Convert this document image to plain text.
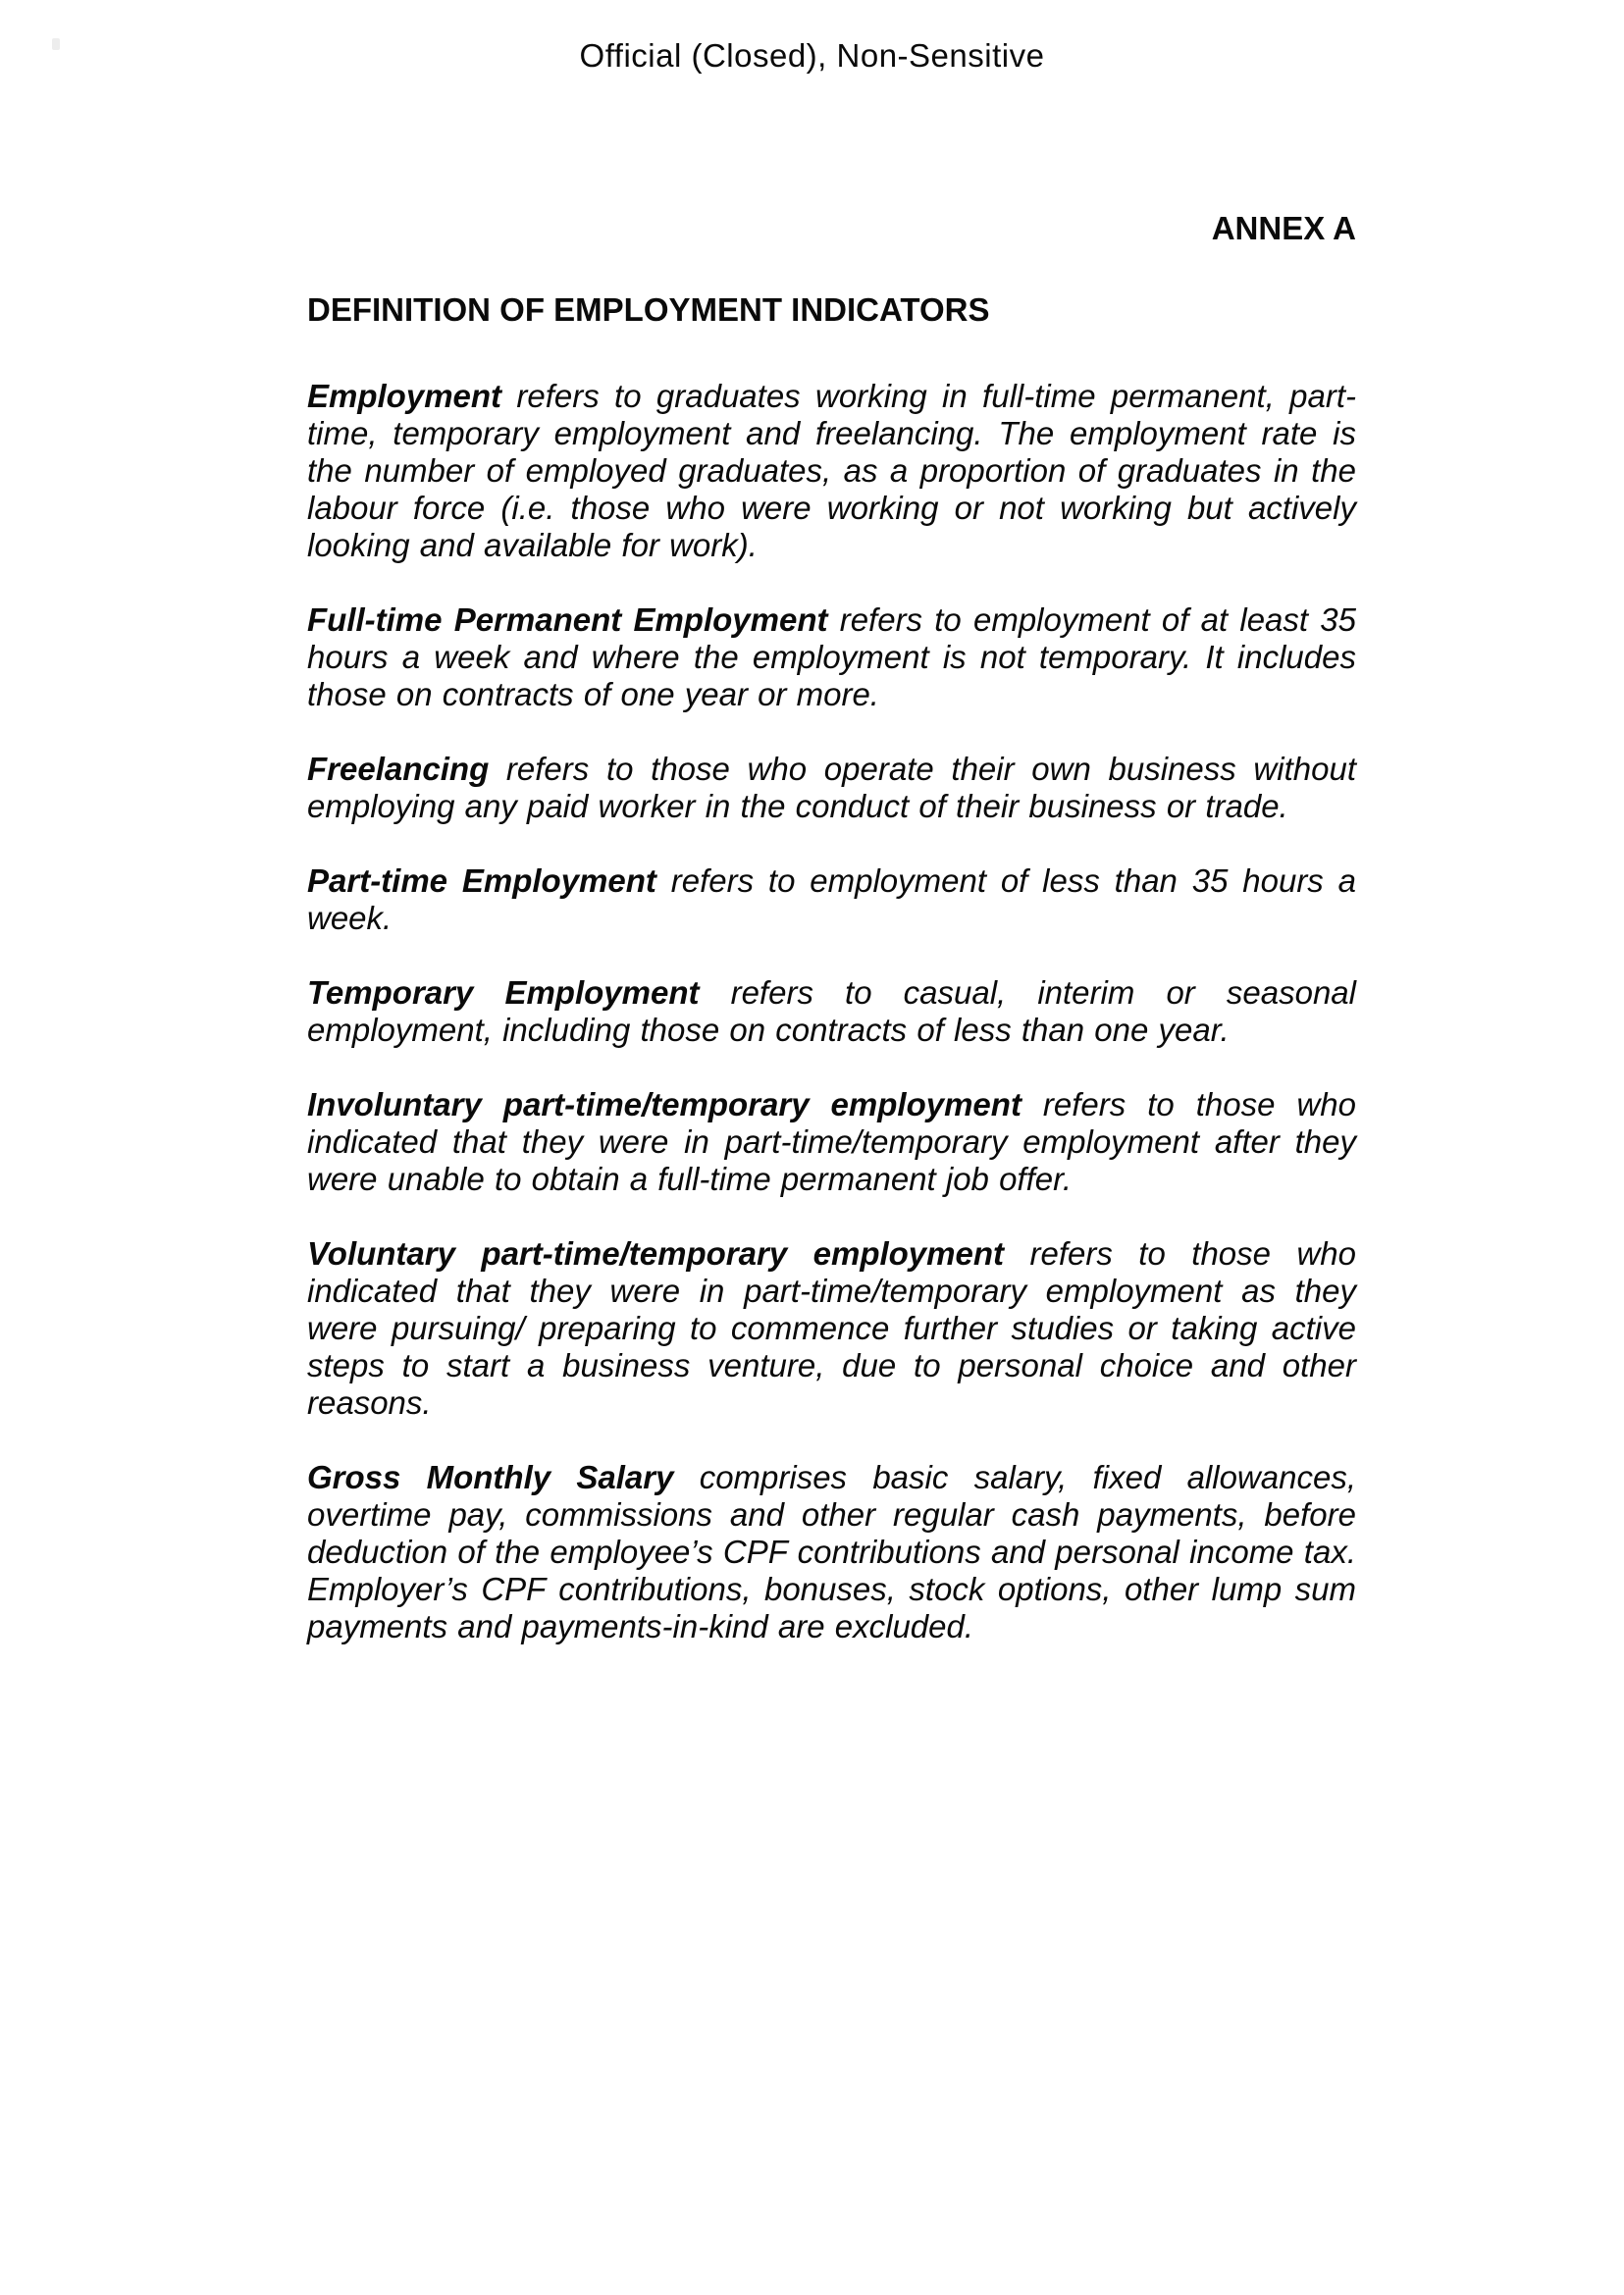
Official (Closed), Non-Sensitive
ANNEX A
DEFINITION OF EMPLOYMENT INDICATORS

Employment refers to graduates working in full-time permanent, part-time, temporary employment and freelancing. The employment rate is the number of employed graduates, as a proportion of graduates in the labour force (i.e. those who were working or not working but actively looking and available for work).

Full-time Permanent Employment refers to employment of at least 35 hours a week and where the employment is not temporary. It includes those on contracts of one year or more.

Freelancing refers to those who operate their own business without employing any paid worker in the conduct of their business or trade.

Part-time Employment refers to employment of less than 35 hours a week.

Temporary Employment refers to casual, interim or seasonal employment, including those on contracts of less than one year.

Involuntary part-time/temporary employment refers to those who indicated that they were in part-time/temporary employment after they were unable to obtain a full-time permanent job offer.

Voluntary part-time/temporary employment refers to those who indicated that they were in part-time/temporary employment as they were pursuing/ preparing to commence further studies or taking active steps to start a business venture, due to personal choice and other reasons.

Gross Monthly Salary comprises basic salary, fixed allowances, overtime pay, commissions and other regular cash payments, before deduction of the employee’s CPF contributions and personal income tax. Employer’s CPF contributions, bonuses, stock options, other lump sum payments and payments-in-kind are excluded.
